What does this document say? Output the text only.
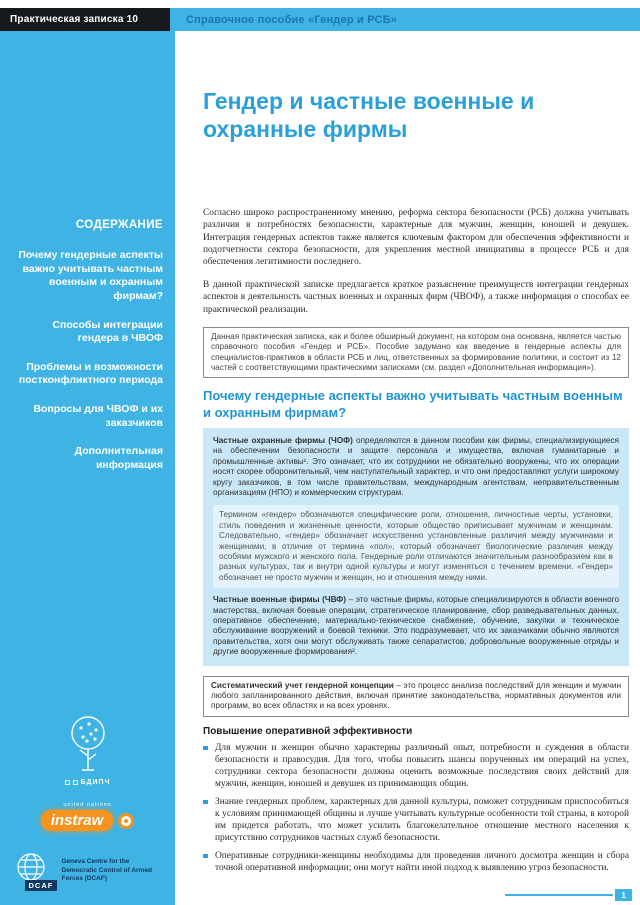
Практическая записка 10	Справочное пособие «Гендер и РСБ»
СОДЕРЖАНИЕ
Почему гендерные аспекты важно учитывать частным военным и охранным фирмам?
Способы интеграции гендера в ЧВОФ
Проблемы и возможности постконфликтного периода
Вопросы для ЧВОФ и их заказчиков
Дополнительная информация
БДИПЧ
united nations
instraw
DCAF
Geneva Centre for the Democratic Control of Armed Forces (DCAF)
Гендер и частные военные и охранные фирмы

Согласно широко распространенному мнению, реформа сектора безопасности (РСБ) должна учитывать различия в потребностях безопасности, характерные для мужчин, женщин, юношей и девушек. Интеграция гендерных аспектов также является ключевым фактором для обеспечения эффективности и подотчетности сектора безопасности, для укрепления местной инициативы в процессе РСБ и для обеспечения легитимности последнего.

В данной практической записке предлагается краткое разъяснение преимуществ интеграции гендерных аспектов в деятельность частных военных и охранных фирм (ЧВОФ), а также информация о способах ее практической реализации.

Данная практическая записка, как и более обширный документ, на котором она основана, является частью справочного пособия «Гендер и РСБ». Пособие задумано как введение в гендерные аспекты для специалистов-практиков в области РСБ и лиц, ответственных за формирование политики, и состоит из 12 частей с соответствующими практическими записками (см. раздел «Дополнительная информация»).
Почему гендерные аспекты важно учитывать частным военным и охранным фирмам?

Частные охранные фирмы (ЧОФ) определяются в данном пособии как фирмы, специализирующиеся на обеспечении безопасности и защите персонала и имущества, включая гуманитарные и промышленные активы¹. Это означает, что их сотрудники не обязательно вооружены, что их операции носят скорее оборонительный, чем наступательный характер, и что они предоставляют услуги широкому кругу заказчиков, в том числе правительствам, международным агентствам, неправительственным организациям (НПО) и коммерческим структурам.

Термином «гендер» обозначаются специфические роли, отношения, личностные черты, установки, стиль поведения и жизненные ценности, которые общество приписывает мужчинам и женщинам. Следовательно, «гендер» обозначает искусственно установленные различия между мужчинами и женщинами, в отличие от термина «пол», который обозначает биологические различия между особями мужского и женского пола. Гендерные роли отличаются значительным разнообразием как в разных культурах, так и внутри одной культуры и могут изменяться с течением времени. «Гендер» обозначает не просто мужчин и женщин, но и отношения между ними.

Частные военные фирмы (ЧВФ) – это частные фирмы, которые специализируются в области военного мастерства, включая боевые операции, стратегическое планирование, сбор разведывательных данных, оперативное обеспечение, материально-техническое снабжение, обучение, закупки и техническое обслуживание вооружений и боевой техники. Это подразумевает, что их заказчиками обычно являются правительства, хотя они могут обслуживать также сепаратистов, добровольные вооруженные отряды и другие вооруженные формирования².

Систематический учет гендерной концепции – это процесс анализа последствий для женщин и мужчин любого запланированного действия, включая принятие законодательства, нормативных документов или программ, во всех областях и на всех уровнях.
Повышение оперативной эффективности
Для мужчин и женщин обычно характерны различный опыт, потребности и суждения в области безопасности и правосудия. Для того, чтобы повысить шансы порученных им операций на успех, сотрудники сектора безопасности должны оценить возможные последствия своих действий для мужчин, женщин, юношей и девушек из принимающих общин.
Знание гендерных проблем, характерных для данной культуры, поможет сотрудникам приспособиться к условиям принимающей общины и лучше учитывать культурные особенности той страны, в которой им придется работать, что может усилить благожелательное отношение местного населения к присутствию сотрудников частных служб безопасности.
Оперативные сотрудники-женщины необходимы для проведения личного досмотра женщин и сбора точной оперативной информации; они могут найти иной подход к выявлению угроз безопасности.
1
